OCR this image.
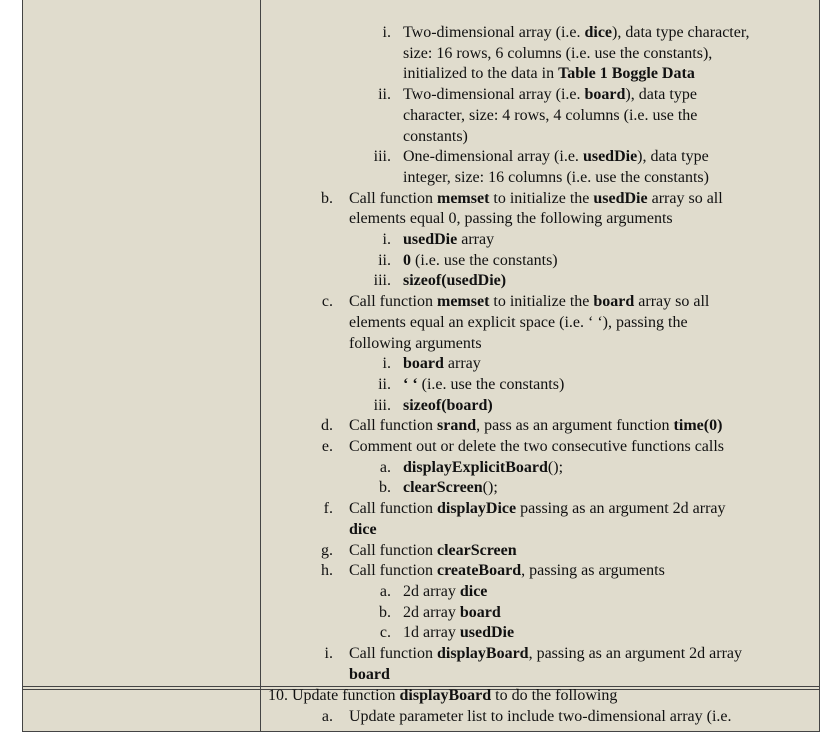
i. Two-dimensional array (i.e. dice), data type character,
size: 16 rows, 6 columns (i.e. use the constants),
initialized to the data in Table 1 Boggle Data
ii. Two-dimensional array (i.e. board), data type
character, size: 4 rows, 4 columns (i.e. use the
constants)
iii. One-dimensional array (i.e. usedDie), data type
integer, size: 16 columns (i.e. use the constants)
b. Call function memset to initialize the usedDie array so all
elements equal 0, passing the following arguments
i. usedDie array
ii. 0 (i.e. use the constants)
iii. sizeof(usedDie)
c. Call function memset to initialize the board array so all
elements equal an explicit space (i.e. ‘ ‘), passing the
following arguments
i. board array
ii. ‘ ‘ (i.e. use the constants)
iii. sizeof(board)
d. Call function srand, pass as an argument function time(0)
e. Comment out or delete the two consecutive functions calls
a. displayExplicitBoard();
b. clearScreen();
f. Call function displayDice passing as an argument 2d array
dice
g. Call function clearScreen
h. Call function createBoard, passing as arguments
a. 2d array dice
b. 2d array board
c. 1d array usedDie
i. Call function displayBoard, passing as an argument 2d array
board
10. Update function displayBoard to do the following
a. Update parameter list to include two-dimensional array (i.e.
